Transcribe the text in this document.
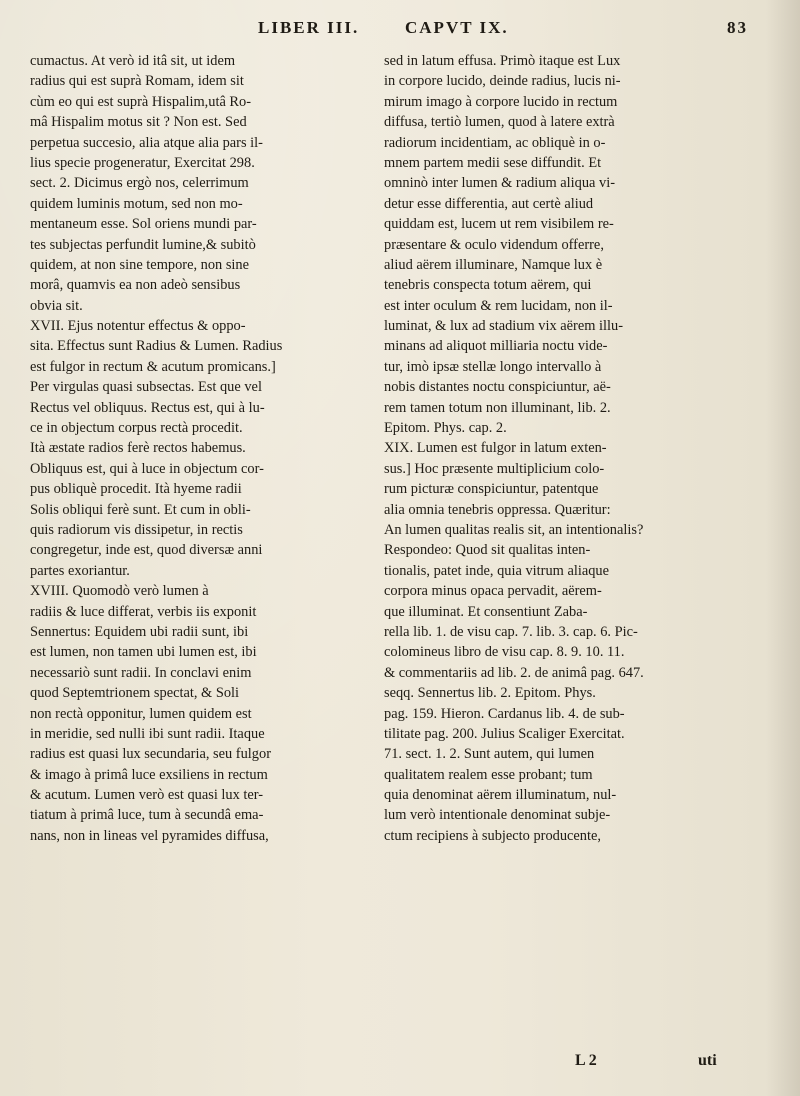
LIBER III.	CAPVT IX.	83
cumactus. At verò id itâ sit, ut idem
radius qui est suprà Romam, idem sit
cùm eo qui est suprà Hispalim,utâ Ro-
mâ Hispalim motus sit ? Non est. Sed
perpetua succesio, alia atque alia pars il-
lius specie progeneratur, Exercitat 298.
sect. 2. Dicimus ergò nos, celerrimum
quidem luminis motum, sed non mo-
mentaneum esse. Sol oriens mundi par-
tes subjectas perfundit lumine,& subitò
quidem, at non sine tempore, non sine
morâ, quamvis ea non adeò sensibus
obvia sit.
XVII. Ejus notentur effectus & oppo-
sita. Effectus sunt Radius & Lumen. Radius
est fulgor in rectum & acutum promicans.]
Per virgulas quasi subsectas. Est que vel
Rectus vel obliquus. Rectus est, qui à lu-
ce in objectum corpus rectà procedit.
Ità æstate radios ferè rectos habemus.
Obliquus est, qui à luce in objectum cor-
pus obliquè procedit. Ità hyeme radii
Solis obliqui ferè sunt. Et cum in obli-
quis radiorum vis dissipetur, in rectis
congregetur, inde est, quod diversæ anni
partes exoriantur.
XVIII. Quomodò verò lumen à
radiis & luce differat, verbis iis exponit
Sennertus: Equidem ubi radii sunt, ibi
est lumen, non tamen ubi lumen est, ibi
necessariò sunt radii. In conclavi enim
quod Septemtrionem spectat, & Soli
non rectà opponitur, lumen quidem est
in meridie, sed nulli ibi sunt radii. Itaque
radius est quasi lux secundaria, seu fulgor
& imago à primâ luce exsiliens in rectum
& acutum. Lumen verò est quasi lux ter-
tiatum à primâ luce, tum à secundâ ema-
nans, non in lineas vel pyramides diffusa,
sed in latum effusa. Primò itaque est Lux
in corpore lucido, deinde radius, lucis ni-
mirum imago à corpore lucido in rectum
diffusa, tertiò lumen, quod à latere extrà
radiorum incidentiam, ac obliquè in o-
mnem partem medii sese diffundit. Et
omninò inter lumen & radium aliqua vi-
detur esse differentia, aut certè aliud
quiddam est, lucem ut rem visibilem re-
præsentare & oculo videndum offerre,
aliud aërem illuminare, Namque lux è
tenebris conspecta totum aërem, qui
est inter oculum & rem lucidam, non il-
luminat, & lux ad stadium vix aërem illu-
minans ad aliquot milliaria noctu vide-
tur, imò ipsæ stellæ longo intervallo à
nobis distantes noctu conspiciuntur, aë-
rem tamen totum non illuminant, lib. 2.
Epitom. Phys. cap. 2.
XIX. Lumen est fulgor in latum exten-
sus.] Hoc præsente multiplicium colo-
rum picturæ conspiciuntur, patentque
alia omnia tenebris oppressa. Quæritur:
An lumen qualitas realis sit, an intentionalis?
Respondeo: Quod sit qualitas inten-
tionalis, patet inde, quia vitrum aliaque
corpora minus opaca pervadit, aërem-
que illuminat. Et consentiunt Zaba-
rella lib. 1. de visu cap. 7. lib. 3. cap. 6. Pic-
colomineus libro de visu cap. 8. 9. 10. 11.
& commentariis ad lib. 2. de animâ pag. 647.
seqq. Sennertus lib. 2. Epitom. Phys.
pag. 159. Hieron. Cardanus lib. 4. de sub-
tilitate pag. 200. Julius Scaliger Exercitat.
71. sect. 1. 2. Sunt autem, qui lumen
qualitatem realem esse probant; tum
quia denominat aërem illuminatum, nul-
lum verò intentionale denominat subje-
ctum recipiens à subjecto producente,
L 2	uti
